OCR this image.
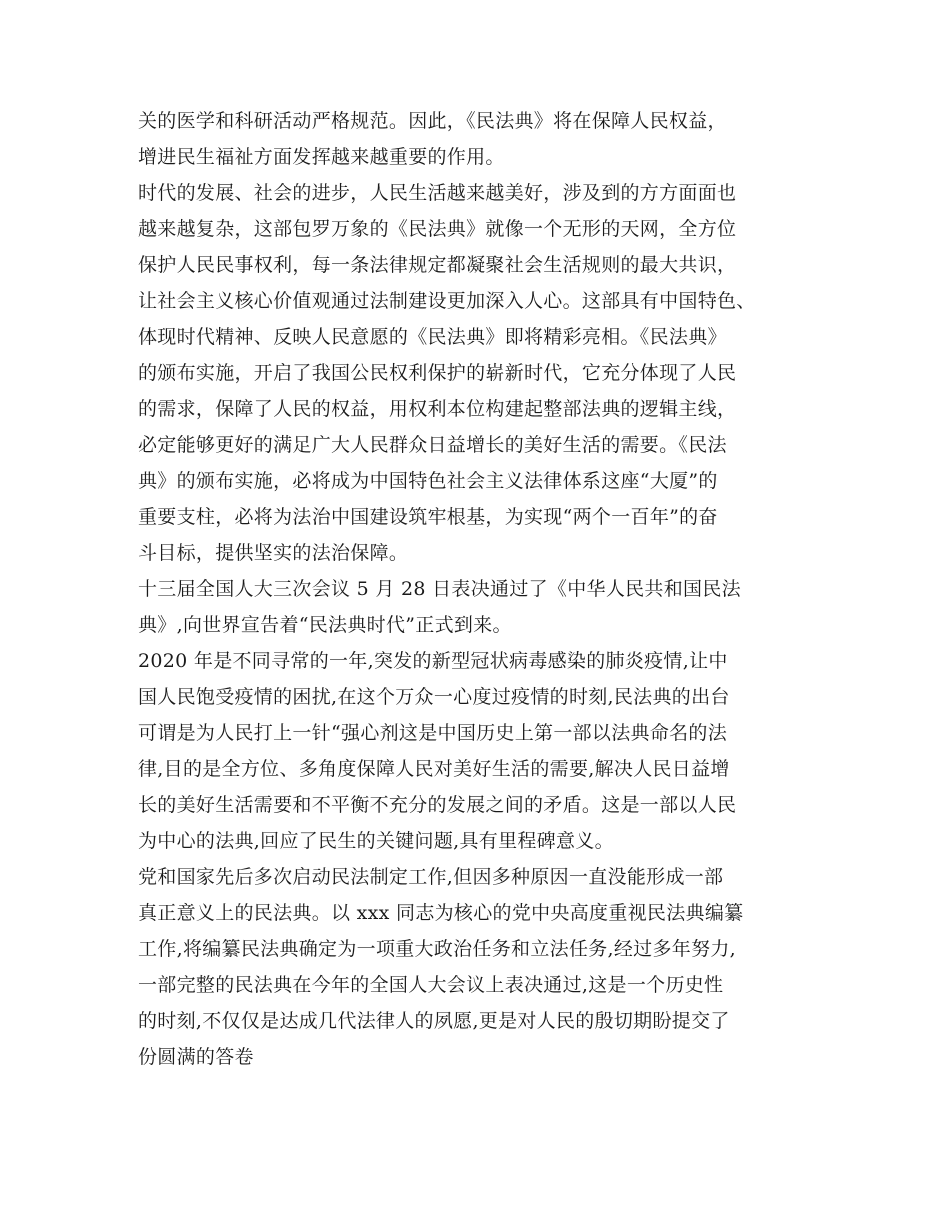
关的医学和科研活动严格规范。因此，《民法典》将在保障人民权益，
增进民生福祉方面发挥越来越重要的作用。
时代的发展、社会的进步，人民生活越来越美好，涉及到的方方面面也
越来越复杂，这部包罗万象的《民法典》就像一个无形的天网，全方位
保护人民民事权利，每一条法律规定都凝聚社会生活规则的最大共识，
让社会主义核心价值观通过法制建设更加深入人心。这部具有中国特色、
体现时代精神、反映人民意愿的《民法典》即将精彩亮相。《民法典》
的颁布实施，开启了我国公民权利保护的崭新时代，它充分体现了人民
的需求，保障了人民的权益，用权利本位构建起整部法典的逻辑主线，
必定能够更好的满足广大人民群众日益增长的美好生活的需要。《民法
典》的颁布实施，必将成为中国特色社会主义法律体系这座“大厦”的
重要支柱，必将为法治中国建设筑牢根基，为实现“两个一百年”的奋
斗目标，提供坚实的法治保障。
十三届全国人大三次会议 5 月 28 日表决通过了《中华人民共和国民法
典》,向世界宣告着“民法典时代”正式到来。
2020 年是不同寻常的一年,突发的新型冠状病毒感染的肺炎疫情,让中
国人民饱受疫情的困扰,在这个万众一心度过疫情的时刻,民法典的出台
可谓是为人民打上一针“强心剂这是中国历史上第一部以法典命名的法
律,目的是全方位、多角度保障人民对美好生活的需要,解决人民日益增
长的美好生活需要和不平衡不充分的发展之间的矛盾。这是一部以人民
为中心的法典,回应了民生的关键问题,具有里程碑意义。
党和国家先后多次启动民法制定工作,但因多种原因一直没能形成一部
真正意义上的民法典。以 xxx 同志为核心的党中央高度重视民法典编纂
工作,将编纂民法典确定为一项重大政治任务和立法任务,经过多年努力,
一部完整的民法典在今年的全国人大会议上表决通过,这是一个历史性
的时刻,不仅仅是达成几代法律人的夙愿,更是对人民的殷切期盼提交了
份圆满的答卷
